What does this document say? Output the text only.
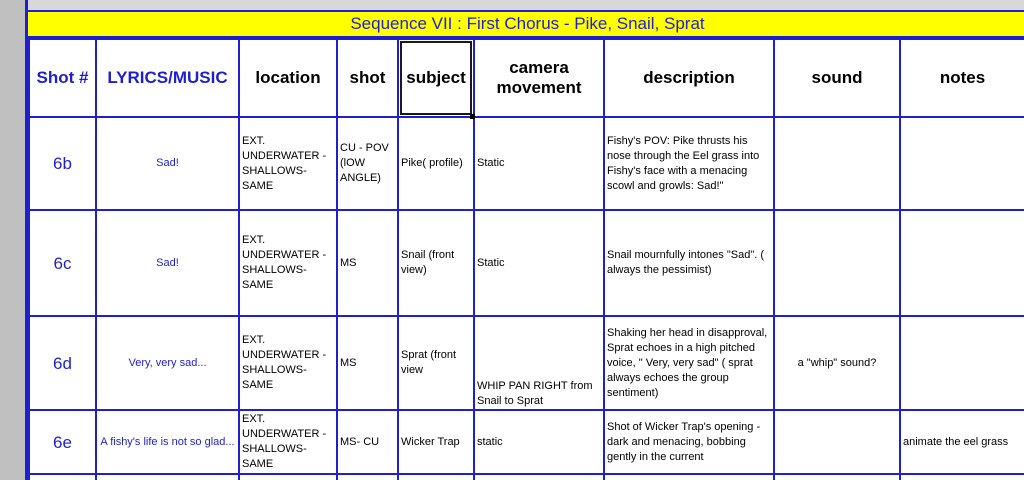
Sequence VII : First Chorus - Pike, Snail, Sprat
Shot #	LYRICS/MUSIC	location	shot	subject	camera movement	description	sound	notes
6b	Sad!	EXT. UNDERWATER - SHALLOWS- SAME	CU - POV (lOW ANGLE)	Pike( profile)	Static	Fishy's POV: Pike thrusts his nose through the Eel grass into Fishy's face with a menacing scowl and growls: Sad!"		
6c	Sad!	EXT. UNDERWATER - SHALLOWS- SAME	MS	Snail (front view)	Static	Snail mournfully intones "Sad". ( always the pessimist)		
6d	Very, very sad...	EXT. UNDERWATER - SHALLOWS- SAME	MS	Sprat (front view	WHIP PAN RIGHT from Snail to Sprat	Shaking her head in disapproval, Sprat echoes in a high pitched voice, " Very, very sad" ( sprat always echoes the group sentiment)	a "whip" sound?	
6e	A fishy's life is not so glad...	EXT. UNDERWATER - SHALLOWS- SAME	MS- CU	Wicker Trap	static	Shot of Wicker Trap's opening - dark and menacing, bobbing gently in the current		animate the eel grass
